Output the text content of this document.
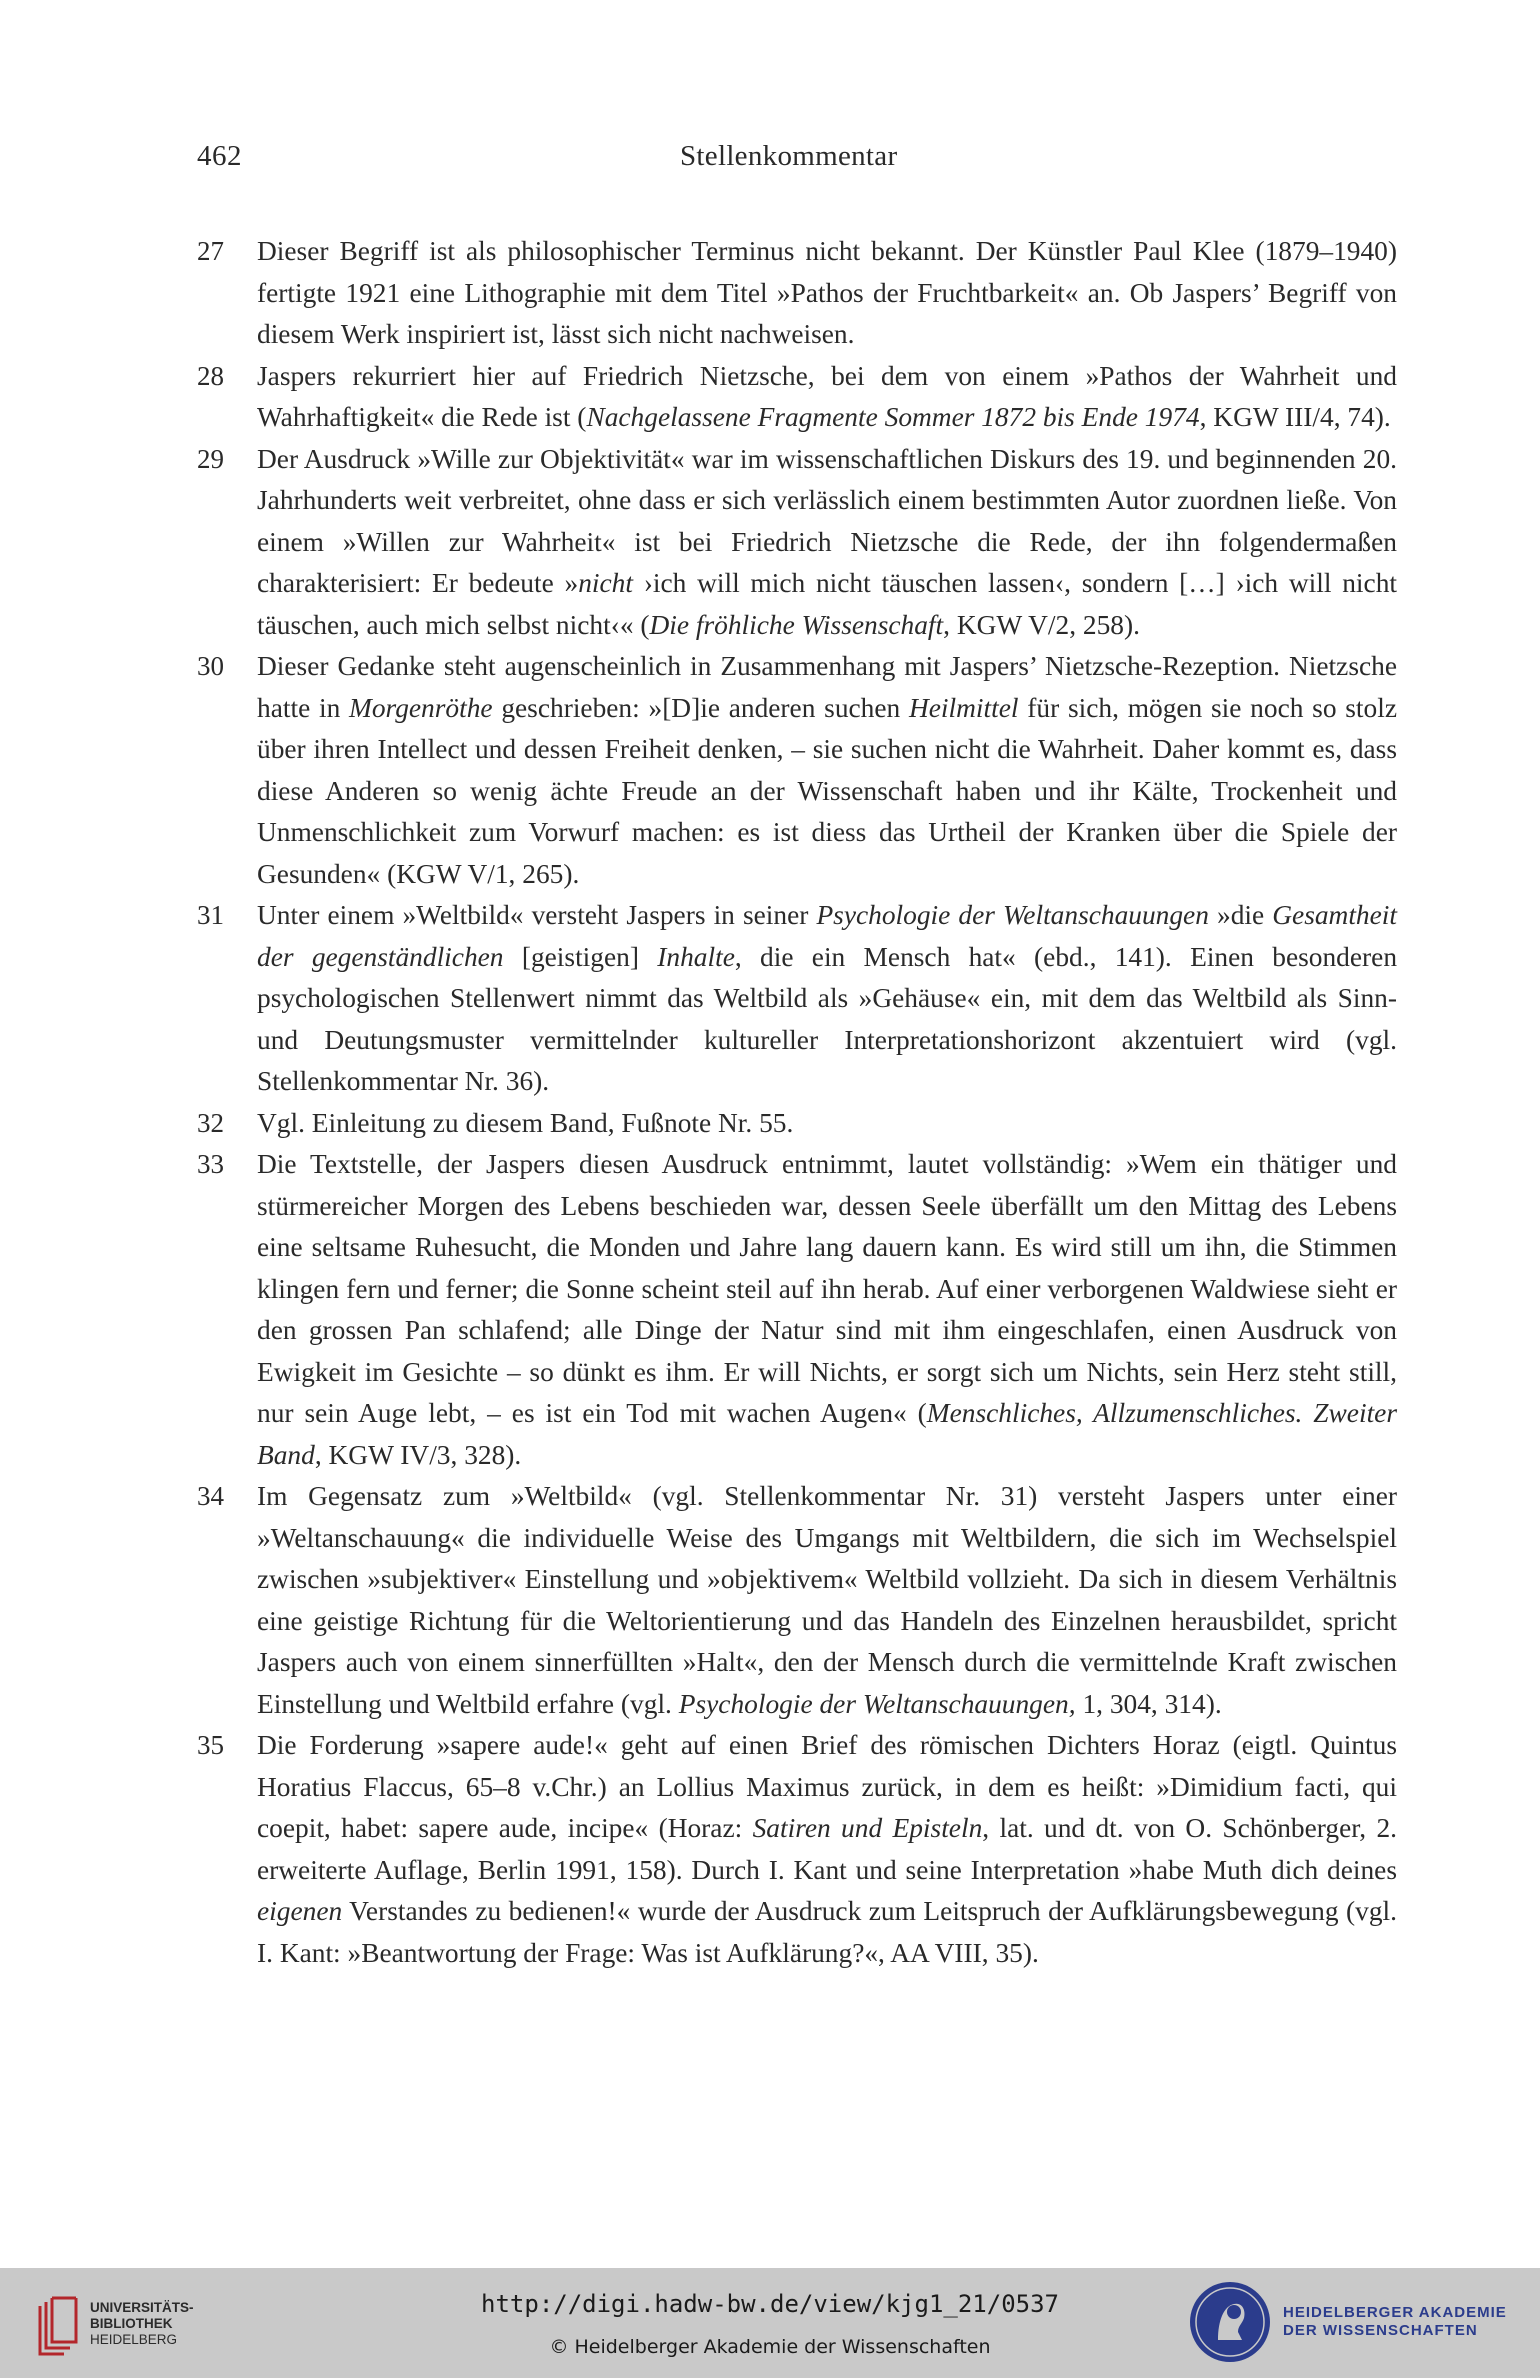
462	Stellenkommentar
27 Dieser Begriff ist als philosophischer Terminus nicht bekannt. Der Künstler Paul Klee (1879–1940) fertigte 1921 eine Lithographie mit dem Titel »Pathos der Fruchtbarkeit« an. Ob Jaspers’ Begriff von diesem Werk inspiriert ist, lässt sich nicht nachweisen.
28 Jaspers rekurriert hier auf Friedrich Nietzsche, bei dem von einem »Pathos der Wahrheit und Wahrhaftigkeit« die Rede ist (Nachgelassene Fragmente Sommer 1872 bis Ende 1974, KGW III/4, 74).
29 Der Ausdruck »Wille zur Objektivität« war im wissenschaftlichen Diskurs des 19. und beginnenden 20. Jahrhunderts weit verbreitet, ohne dass er sich verlässlich einem bestimmten Autor zuordnen ließe. Von einem »Willen zur Wahrheit« ist bei Friedrich Nietzsche die Rede, der ihn folgendermaßen charakterisiert: Er bedeute »nicht ›ich will mich nicht täuschen lassen‹, sondern […] ›ich will nicht täuschen, auch mich selbst nicht‹« (Die fröhliche Wissenschaft, KGW V/2, 258).
30 Dieser Gedanke steht augenscheinlich in Zusammenhang mit Jaspers’ Nietzsche-Rezeption. Nietzsche hatte in Morgenröthe geschrieben: »[D]ie anderen suchen Heilmittel für sich, mögen sie noch so stolz über ihren Intellect und dessen Freiheit denken, – sie suchen nicht die Wahrheit. Daher kommt es, dass diese Anderen so wenig ächte Freude an der Wissenschaft haben und ihr Kälte, Trockenheit und Unmenschlichkeit zum Vorwurf machen: es ist diess das Urtheil der Kranken über die Spiele der Gesunden« (KGW V/1, 265).
31 Unter einem »Weltbild« versteht Jaspers in seiner Psychologie der Weltanschauungen »die Gesamtheit der gegenständlichen [geistigen] Inhalte, die ein Mensch hat« (ebd., 141). Einen besonderen psychologischen Stellenwert nimmt das Weltbild als »Gehäuse« ein, mit dem das Weltbild als Sinn- und Deutungsmuster vermittelnder kultureller Interpretationshorizont akzentuiert wird (vgl. Stellenkommentar Nr. 36).
32 Vgl. Einleitung zu diesem Band, Fußnote Nr. 55.
33 Die Textstelle, der Jaspers diesen Ausdruck entnimmt, lautet vollständig: »Wem ein thätiger und stürmereicher Morgen des Lebens beschieden war, dessen Seele überfällt um den Mittag des Lebens eine seltsame Ruhesucht, die Monden und Jahre lang dauern kann. Es wird still um ihn, die Stimmen klingen fern und ferner; die Sonne scheint steil auf ihn herab. Auf einer verborgenen Waldwiese sieht er den grossen Pan schlafend; alle Dinge der Natur sind mit ihm eingeschlafen, einen Ausdruck von Ewigkeit im Gesichte – so dünkt es ihm. Er will Nichts, er sorgt sich um Nichts, sein Herz steht still, nur sein Auge lebt, – es ist ein Tod mit wachen Augen« (Menschliches, Allzumenschliches. Zweiter Band, KGW IV/3, 328).
34 Im Gegensatz zum »Weltbild« (vgl. Stellenkommentar Nr. 31) versteht Jaspers unter einer »Weltanschauung« die individuelle Weise des Umgangs mit Weltbildern, die sich im Wechselspiel zwischen »subjektiver« Einstellung und »objektivem« Weltbild vollzieht. Da sich in diesem Verhältnis eine geistige Richtung für die Weltorientierung und das Handeln des Einzelnen herausbildet, spricht Jaspers auch von einem sinnerfüllten »Halt«, den der Mensch durch die vermittelnde Kraft zwischen Einstellung und Weltbild erfahre (vgl. Psychologie der Weltanschauungen, 1, 304, 314).
35 Die Forderung »sapere aude!« geht auf einen Brief des römischen Dichters Horaz (eigtl. Quintus Horatius Flaccus, 65–8 v.Chr.) an Lollius Maximus zurück, in dem es heißt: »Dimidium facti, qui coepit, habet: sapere aude, incipe« (Horaz: Satiren und Episteln, lat. und dt. von O. Schönberger, 2. erweiterte Auflage, Berlin 1991, 158). Durch I. Kant und seine Interpretation »habe Muth dich deines eigenen Verstandes zu bedienen!« wurde der Ausdruck zum Leitspruch der Aufklärungsbewegung (vgl. I. Kant: »Beantwortung der Frage: Was ist Aufklärung?«, AA VIII, 35).
UNIVERSITÄTS-
BIBLIOTHEK
HEIDELBERG
http://digi.hadw-bw.de/view/kjg1_21/0537
© Heidelberger Akademie der Wissenschaften
HEIDELBERGER AKADEMIE
DER WISSENSCHAFTEN
